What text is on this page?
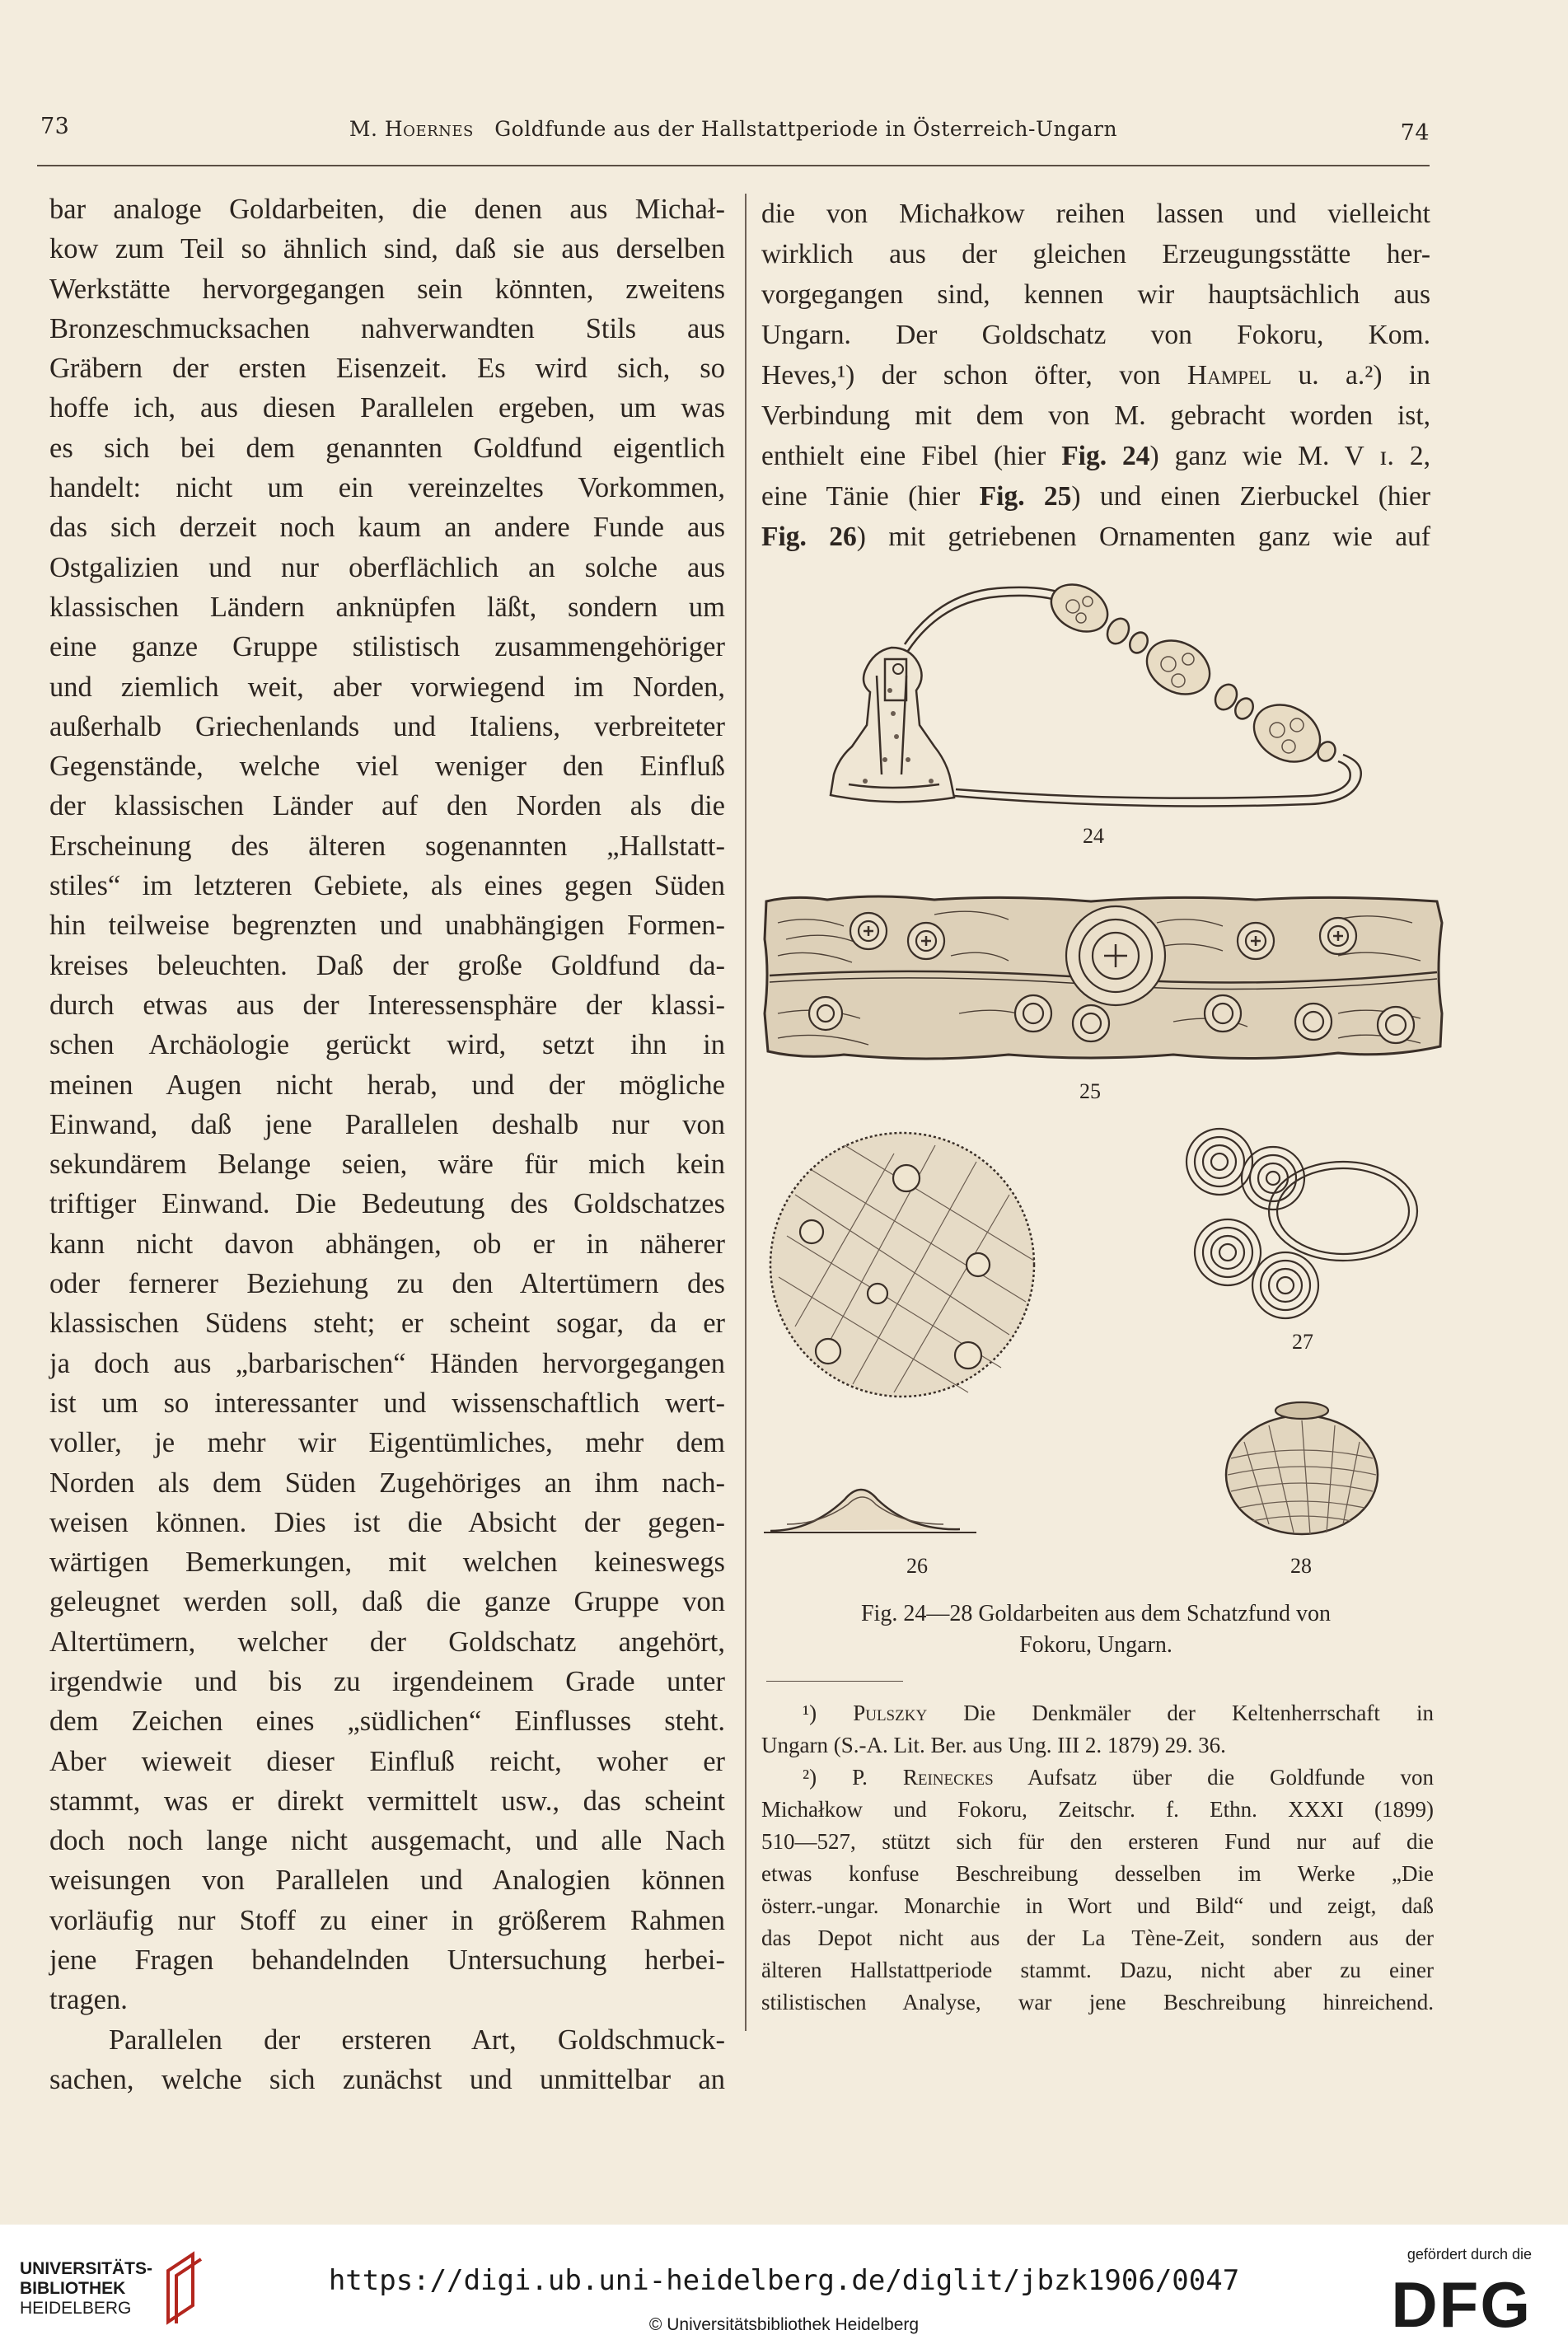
73	M. Hoernes Goldfunde aus der Hallstattperiode in Österreich-Ungarn	74
bar analoge Goldarbeiten, die denen aus Michał-
kow zum Teil so ähnlich sind, daß sie aus derselben
Werkstätte hervorgegangen sein könnten, zweitens
Bronzeschmucksachen nahverwandten Stils aus
Gräbern der ersten Eisenzeit. Es wird sich, so
hoffe ich, aus diesen Parallelen ergeben, um was
es sich bei dem genannten Goldfund eigentlich
handelt: nicht um ein vereinzeltes Vorkommen,
das sich derzeit noch kaum an andere Funde aus
Ostgalizien und nur oberflächlich an solche aus
klassischen Ländern anknüpfen läßt, sondern um
eine ganze Gruppe stilistisch zusammengehöriger
und ziemlich weit, aber vorwiegend im Norden,
außerhalb Griechenlands und Italiens, verbreiteter
Gegenstände, welche viel weniger den Einfluß
der klassischen Länder auf den Norden als die
Erscheinung des älteren sogenannten „Hallstatt-
stiles“ im letzteren Gebiete, als eines gegen Süden
hin teilweise begrenzten und unabhängigen Formen-
kreises beleuchten. Daß der große Goldfund da-
durch etwas aus der Interessensphäre der klassi-
schen Archäologie gerückt wird, setzt ihn in
meinen Augen nicht herab, und der mögliche
Einwand, daß jene Parallelen deshalb nur von
sekundärem Belange seien, wäre für mich kein
triftiger Einwand. Die Bedeutung des Goldschatzes
kann nicht davon abhängen, ob er in näherer
oder fernerer Beziehung zu den Altertümern des
klassischen Südens steht; er scheint sogar, da er
ja doch aus „barbarischen“ Händen hervorgegangen
ist um so interessanter und wissenschaftlich wert-
voller, je mehr wir Eigentümliches, mehr dem
Norden als dem Süden Zugehöriges an ihm nach-
weisen können. Dies ist die Absicht der gegen-
wärtigen Bemerkungen, mit welchen keineswegs
geleugnet werden soll, daß die ganze Gruppe von
Altertümern, welcher der Goldschatz angehört,
irgendwie und bis zu irgendeinem Grade unter
dem Zeichen eines „südlichen“ Einflusses steht.
Aber wieweit dieser Einfluß reicht, woher er
stammt, was er direkt vermittelt usw., das scheint
doch noch lange nicht ausgemacht, und alle Nach
weisungen von Parallelen und Analogien können
vorläufig nur Stoff zu einer in größerem Rahmen
jene Fragen behandelnden Untersuchung herbei-
tragen.
Parallelen der ersteren Art, Goldschmuck-
sachen, welche sich zunächst und unmittelbar an
die von Michałkow reihen lassen und vielleicht
wirklich aus der gleichen Erzeugungsstätte her-
vorgegangen sind, kennen wir hauptsächlich aus
Ungarn. Der Goldschatz von Fokoru, Kom.
Heves,¹) der schon öfter, von Hampel u. a.²) in
Verbindung mit dem von M. gebracht worden ist,
enthielt eine Fibel (hier Fig. 24) ganz wie M. V ɪ. 2,
eine Tänie (hier Fig. 25) und einen Zierbuckel (hier
Fig. 26) mit getriebenen Ornamenten ganz wie auf
24
25
26
27
28
Fig. 24—28 Goldarbeiten aus dem Schatzfund von
Fokoru, Ungarn.
¹) Pulszky Die Denkmäler der Keltenherrschaft in
Ungarn (S.-A. Lit. Ber. aus Ung. III 2. 1879) 29. 36.
²) P. Reineckes Aufsatz über die Goldfunde von
Michałkow und Fokoru, Zeitschr. f. Ethn. XXXI (1899)
510—527, stützt sich für den ersteren Fund nur auf die
etwas konfuse Beschreibung desselben im Werke „Die
österr.-ungar. Monarchie in Wort und Bild“ und zeigt, daß
das Depot nicht aus der La Tène-Zeit, sondern aus der
älteren Hallstattperiode stammt. Dazu, nicht aber zu einer
stilistischen Analyse, war jene Beschreibung hinreichend.
UNIVERSITÄTS-
BIBLIOTHEK
HEIDELBERG
https://digi.ub.uni-heidelberg.de/diglit/jbzk1906/0047
© Universitätsbibliothek Heidelberg
gefördert durch die
DFG
